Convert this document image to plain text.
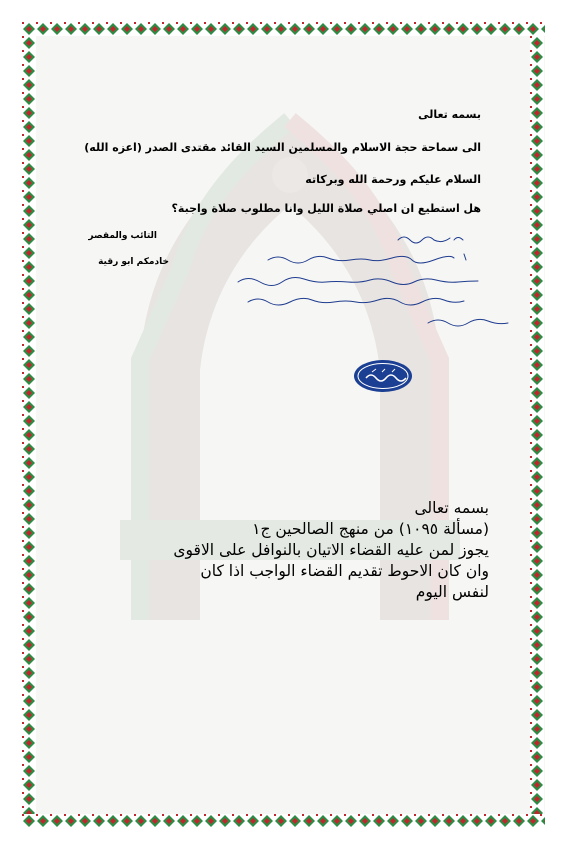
بسمه تعالى
الى سماحة حجة الاسلام والمسلمين السيد القائد مقتدى الصدر (اعزه الله)
السلام عليكم ورحمة الله وبركاته
هل استطيع ان اصلي صلاة الليل وانا مطلوب صلاة واجبة؟
التائب والمقصر
خادمكم ابو رقية
بسمه تعالى
(مسألة ١٠٩٥) من منهج الصالحين ج١
يجوز لمن عليه القضاء الاتيان بالنوافل على الاقوى
وان كان الاحوط تقديم القضاء الواجب اذا كان
لنفس اليوم
